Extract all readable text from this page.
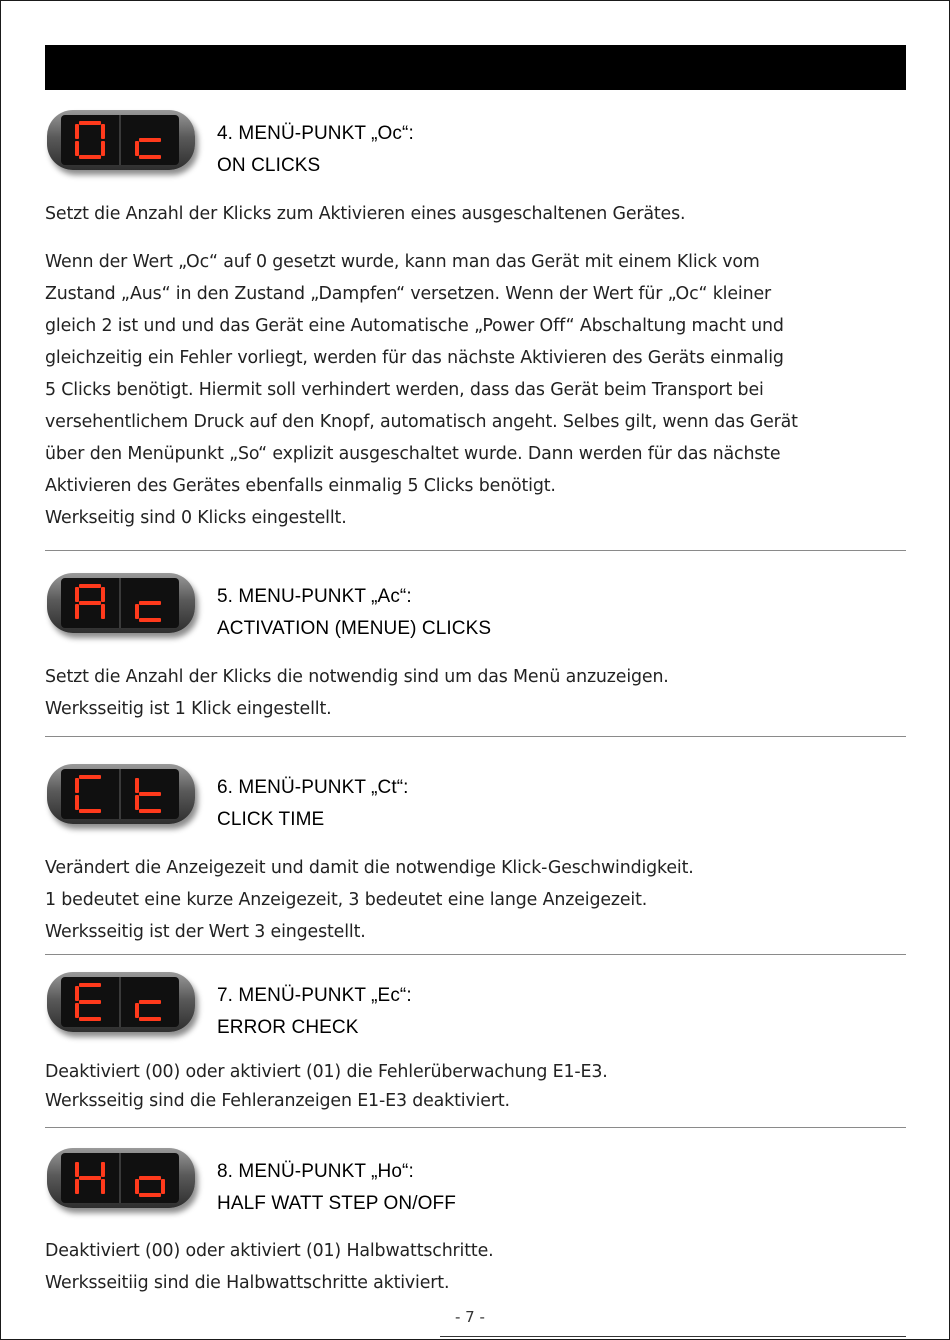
4. MENÜ-PUNKT „Oc“:
ON CLICKS
Setzt die Anzahl der Klicks zum Aktivieren eines ausgeschaltenen Gerätes.
Wenn der Wert „Oc“ auf 0 gesetzt wurde, kann man das Gerät mit einem Klick vom
Zustand „Aus“ in den Zustand „Dampfen“ versetzen. Wenn der Wert für „Oc“ kleiner
gleich 2 ist und und das Gerät eine Automatische „Power Off“ Abschaltung macht und
gleichzeitig ein Fehler vorliegt, werden für das nächste Aktivieren des Geräts einmalig
5 Clicks benötigt. Hiermit soll verhindert werden, dass das Gerät beim Transport bei
versehentlichem Druck auf den Knopf, automatisch angeht. Selbes gilt, wenn das Gerät
über den Menüpunkt „So“ explizit ausgeschaltet wurde. Dann werden für das nächste
Aktivieren des Gerätes ebenfalls einmalig 5 Clicks benötigt.
Werkseitig sind 0 Klicks eingestellt.
5. MENU-PUNKT „Ac“:
ACTIVATION (MENUE) CLICKS
Setzt die Anzahl der Klicks die notwendig sind um das Menü anzuzeigen.
Werksseitig ist 1 Klick eingestellt.
6. MENÜ-PUNKT „Ct“:
CLICK TIME
Verändert die Anzeigezeit und damit die notwendige Klick-Geschwindigkeit.
1 bedeutet eine kurze Anzeigezeit, 3 bedeutet eine lange Anzeigezeit.
Werksseitig ist der Wert 3 eingestellt.
7. MENÜ-PUNKT „Ec“:
ERROR CHECK
Deaktiviert (00) oder aktiviert (01) die Fehlerüberwachung E1-E3.
Werksseitig sind die Fehleranzeigen E1-E3 deaktiviert.
8. MENÜ-PUNKT „Ho“:
HALF WATT STEP ON/OFF
Deaktiviert (00) oder aktiviert (01) Halbwattschritte.
Werksseitiig sind die Halbwattschritte aktiviert.
- 7 -
